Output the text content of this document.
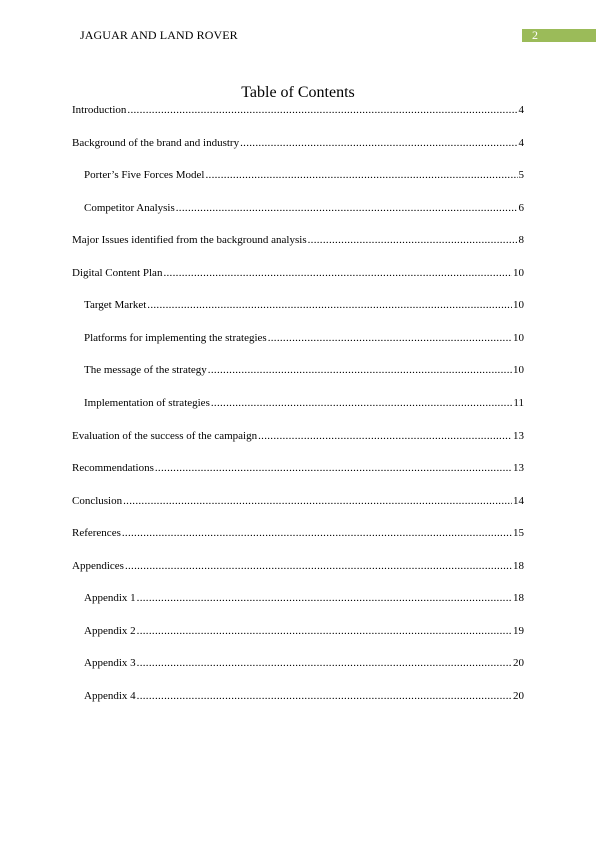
JAGUAR AND LAND ROVER	2
Table of Contents
Introduction .....	4
Background of the brand and industry .....	4
Porter’s Five Forces Model .....	5
Competitor Analysis .....	6
Major Issues identified from the background analysis .....	8
Digital Content Plan .....	10
Target Market .....	10
Platforms for implementing the strategies .....	10
The message of the strategy .....	10
Implementation of strategies .....	11
Evaluation of the success of the campaign .....	13
Recommendations .....	13
Conclusion .....	14
References .....	15
Appendices .....	18
Appendix 1 .....	18
Appendix 2 .....	19
Appendix 3 .....	20
Appendix 4 .....	20
